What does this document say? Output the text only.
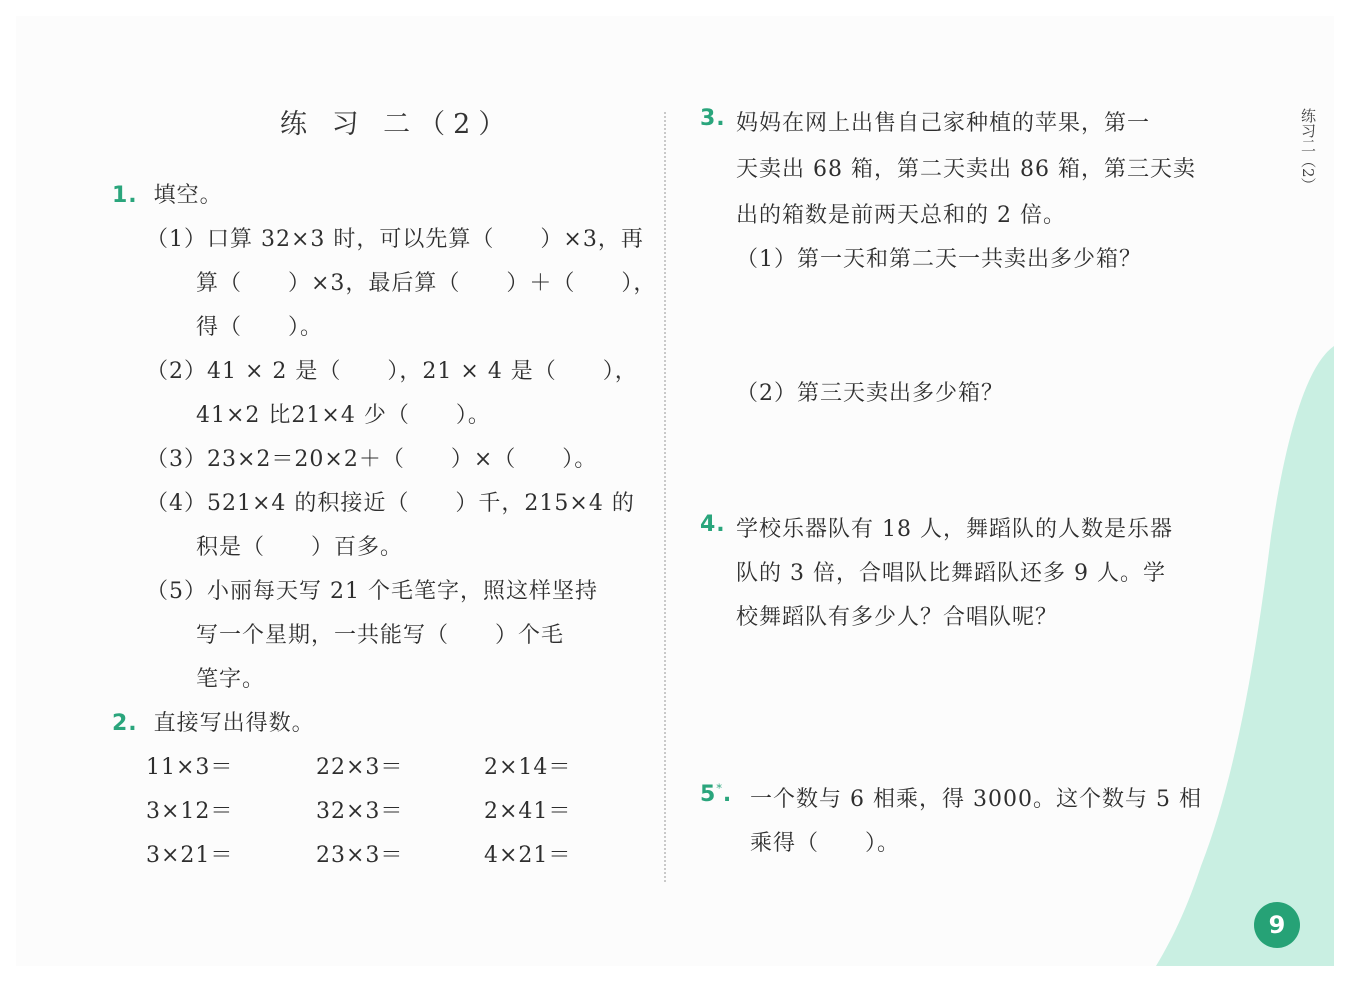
练 习 二（2）	练习二（2）
1. 填空。
（1）口算 32×3 时，可以先算（　　）×3，再
算（　　）×3，最后算（　　）＋（　　），
得（　　）。
（2）41 × 2 是（　　），21 × 4 是（　　），
41×2 比21×4 少（　　）。
（3）23×2＝20×2＋（　　）×（　　）。
（4）521×4 的积接近（　　）千，215×4 的
积是（　　）百多。
（5）小丽每天写 21 个毛笔字，照这样坚持
写一个星期，一共能写（　　）个毛
笔字。
2. 直接写出得数。
11×3＝	22×3＝	2×14＝
3×12＝	32×3＝	2×41＝
3×21＝	23×3＝	4×21＝
3. 妈妈在网上出售自己家种植的苹果，第一
天卖出 68 箱，第二天卖出 86 箱，第三天卖
出的箱数是前两天总和的 2 倍。
（1）第一天和第二天一共卖出多少箱？
（2）第三天卖出多少箱？
4. 学校乐器队有 18 人，舞蹈队的人数是乐器
队的 3 倍，合唱队比舞蹈队还多 9 人。学
校舞蹈队有多少人？合唱队呢？
5*. 一个数与 6 相乘，得 3000。这个数与 5 相
乘得（　　）。
9
